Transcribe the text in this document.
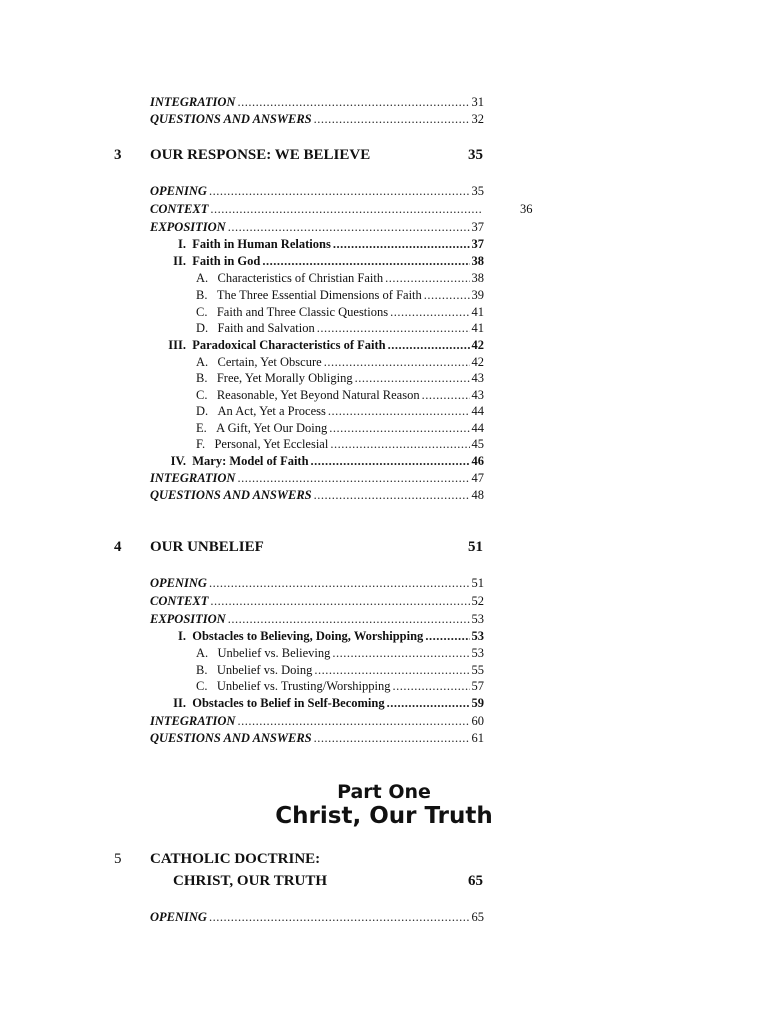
INTEGRATION .....	31
QUESTIONS AND ANSWERS .....	32
3 OUR RESPONSE: WE BELIEVE	35
OPENING .....	35
CONTEXT .....	36
EXPOSITION .....	37
I. Faith in Human Relations .....	37
II. Faith in God .....	38
A. Characteristics of Christian Faith .....	38
B. The Three Essential Dimensions of Faith .....	39
C. Faith and Three Classic Questions .....	41
D. Faith and Salvation .....	41
III. Paradoxical Characteristics of Faith .....	42
A. Certain, Yet Obscure .....	42
B. Free, Yet Morally Obliging .....	43
C. Reasonable, Yet Beyond Natural Reason .....	43
D. An Act, Yet a Process .....	44
E. A Gift, Yet Our Doing .....	44
F. Personal, Yet Ecclesial .....	45
IV. Mary: Model of Faith .....	46
INTEGRATION .....	47
QUESTIONS AND ANSWERS .....	48
4 OUR UNBELIEF	51
OPENING .....	51
CONTEXT .....	52
EXPOSITION .....	53
I. Obstacles to Believing, Doing, Worshipping .....	53
A. Unbelief vs. Believing .....	53
B. Unbelief vs. Doing .....	55
C. Unbelief vs. Trusting/Worshipping .....	57
II. Obstacles to Belief in Self-Becoming .....	59
INTEGRATION .....	60
QUESTIONS AND ANSWERS .....	61
Part One
Christ, Our Truth
5 CATHOLIC DOCTRINE:
CHRIST, OUR TRUTH	65
OPENING .....	65
